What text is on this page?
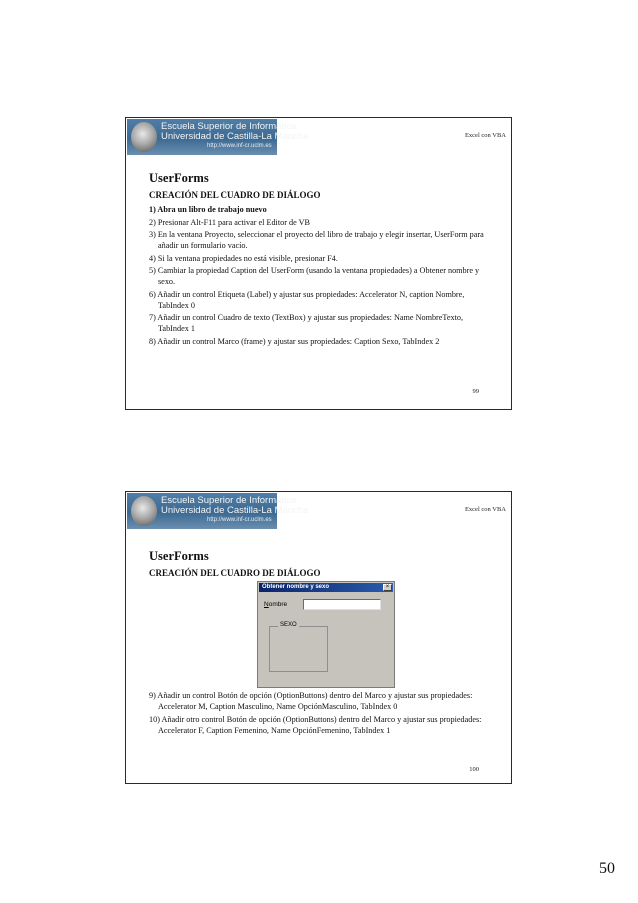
Escuela Superior de Informática
Universidad de Castilla-La Mancha
http://www.inf-cr.uclm.es
Excel con VBA
UserForms
CREACIÓN DEL CUADRO DE DIÁLOGO

1) Abra un libro de trabajo nuevo

2) Presionar Alt-F11 para activar el Editor de VB

3) En la ventana Proyecto, seleccionar el proyecto del libro de trabajo y elegir insertar, UserForm para añadir un formulario vacío.

4) Si la ventana propiedades no está visible, presionar F4.

5) Cambiar la propiedad Caption del UserForm (usando la ventana propiedades) a Obtener nombre y sexo.

6) Añadir un control Etiqueta (Label) y ajustar sus propiedades: Accelerator N, caption Nombre, TabIndex 0

7) Añadir un control Cuadro de texto (TextBox) y ajustar sus propiedades: Name NombreTexto, TabIndex 1

8) Añadir un control Marco (frame) y ajustar sus propiedades: Caption Sexo, TabIndex 2

99
Escuela Superior de Informática
Universidad de Castilla-La Mancha
http://www.inf-cr.uclm.es
Excel con VBA
UserForms
CREACIÓN DEL CUADRO DE DIÁLOGO
Obtener nombre y sexo	×
Nombre
SEXO

9) Añadir un control Botón de opción (OptionButtons) dentro del Marco y ajustar sus propiedades: Accelerator M, Caption Masculino, Name OpciónMasculino, TabIndex 0

10) Añadir otro control Botón de opción (OptionButtons) dentro del Marco y ajustar sus propiedades: Accelerator F, Caption Femenino, Name OpciónFemenino, TabIndex 1

100
50
